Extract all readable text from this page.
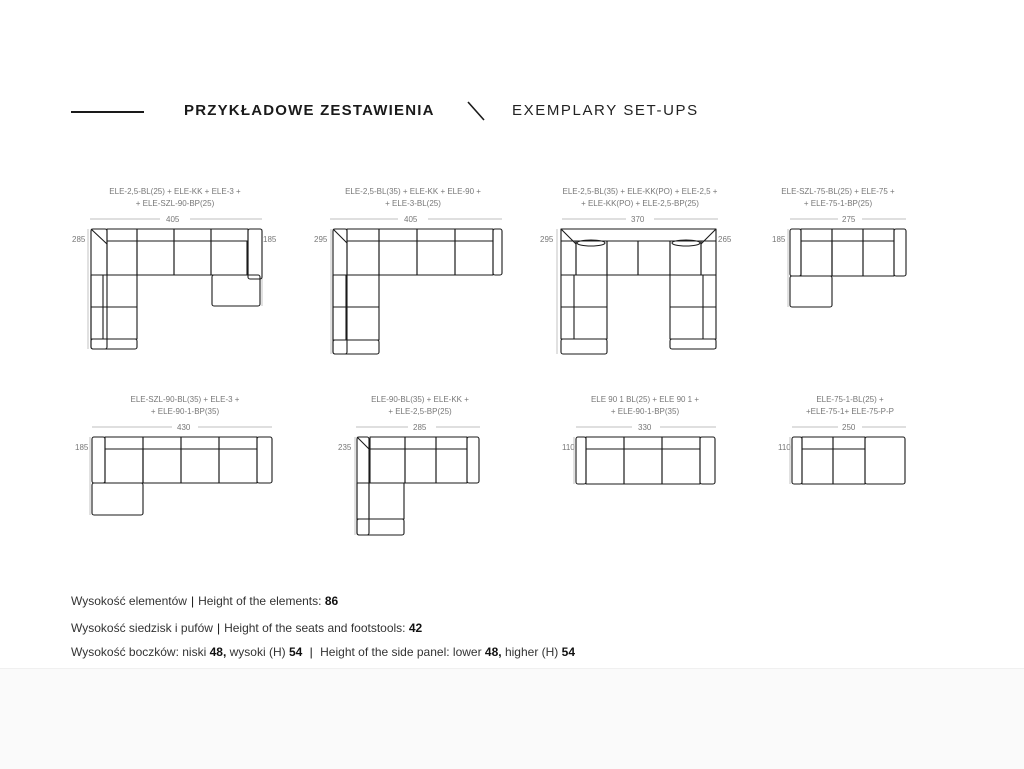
PRZYKŁADOWE ZESTAWIENIA	EXEMPLARY SET-UPS
ELE-2,5-BL(25) + ELE-KK + ELE-3 +
+ ELE-SZL-90-BP(25)
ELE-2,5-BL(35) + ELE-KK + ELE-90 +
+ ELE-3-BL(25)
ELE-2,5-BL(35) + ELE-KK(PO) + ELE-2,5 +
+ ELE-KK(PO) + ELE-2,5-BP(25)
ELE-SZL-75-BL(25) + ELE-75 +
+ ELE-75-1-BP(25)
ELE-SZL-90-BL(35) + ELE-3 +
+ ELE-90-1-BP(35)
ELE-90-BL(35) + ELE-KK +
+ ELE-2,5-BP(25)
ELE 90 1 BL(25) + ELE 90 1 +
+ ELE-90-1-BP(35)
ELE-75-1-BL(25) +
+ELE-75-1+ ELE-75-P-P
405
285	185
405
295
370
295	265
275
185
430
185
285
235
330
110
250
110
Wysokość elementów | Height of the elements: 86
Wysokość siedzisk i pufów | Height of the seats and footstools: 42
Wysokość boczków: niski 48, wysoki (H) 54 | Height of the side panel: lower 48, higher (H) 54
